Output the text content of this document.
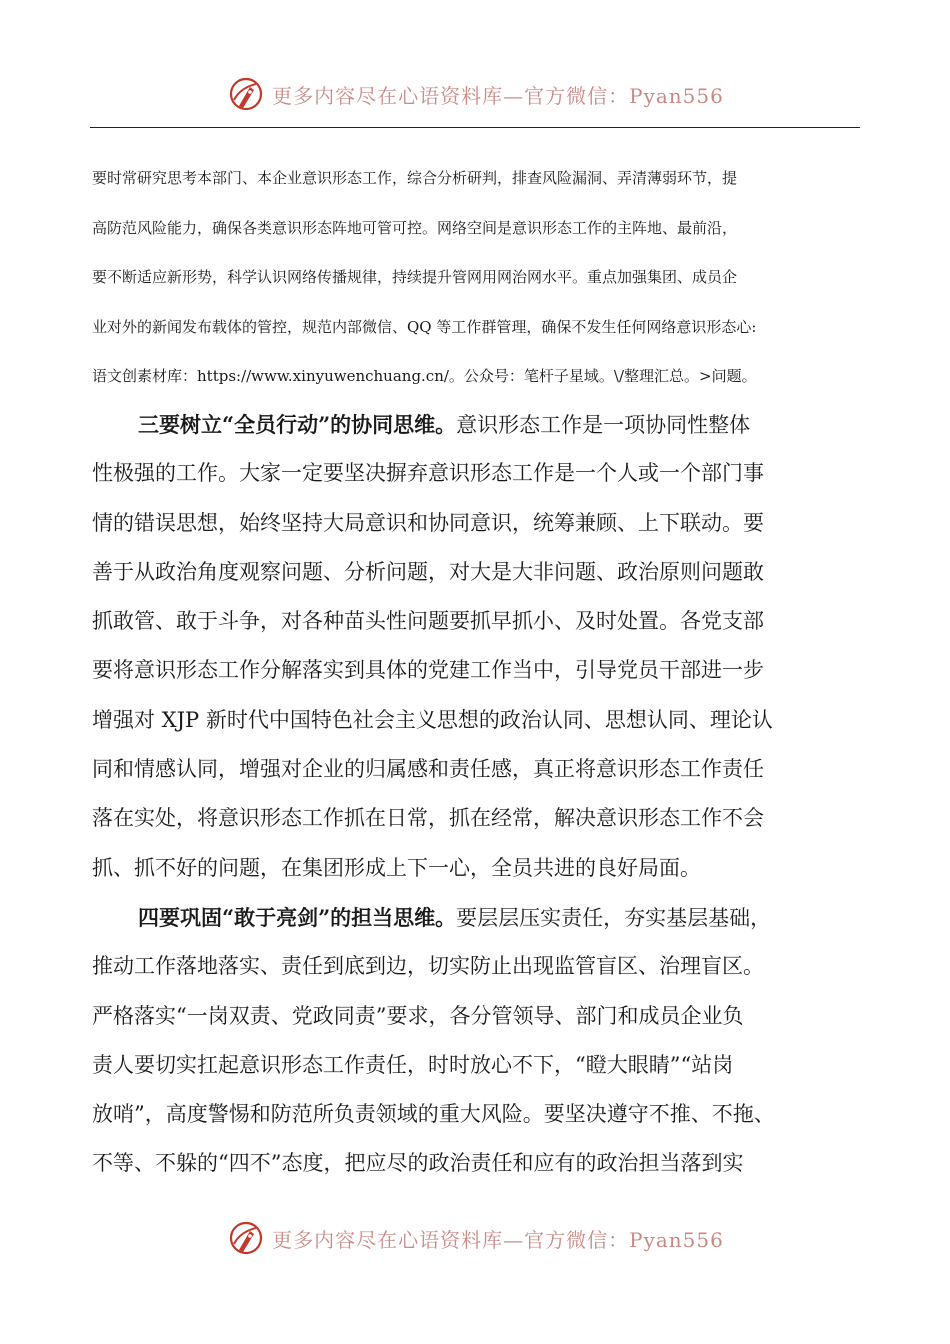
更多内容尽在心语资料库—官方微信：Pyan556
要时常研究思考本部门、本企业意识形态工作，综合分析研判，排查风险漏洞、弄清薄弱环节，提
高防范风险能力，确保各类意识形态阵地可管可控。网络空间是意识形态工作的主阵地、最前沿，
要不断适应新形势，科学认识网络传播规律，持续提升管网用网治网水平。重点加强集团、成员企
业对外的新闻发布载体的管控，规范内部微信、QQ 等工作群管理，确保不发生任何网络意识形态心:
语文创素材库：https://www.xinyuwenchuang.cn/。公众号：笔杆子星域。\/整理汇总。>问题。
三要树立“全员行动”的协同思维。意识形态工作是一项协同性整体
性极强的工作。大家一定要坚决摒弃意识形态工作是一个人或一个部门事
情的错误思想，始终坚持大局意识和协同意识，统筹兼顾、上下联动。要
善于从政治角度观察问题、分析问题，对大是大非问题、政治原则问题敢
抓敢管、敢于斗争，对各种苗头性问题要抓早抓小、及时处置。各党支部
要将意识形态工作分解落实到具体的党建工作当中，引导党员干部进一步
增强对 XJP 新时代中国特色社会主义思想的政治认同、思想认同、理论认
同和情感认同，增强对企业的归属感和责任感，真正将意识形态工作责任
落在实处，将意识形态工作抓在日常，抓在经常，解决意识形态工作不会
抓、抓不好的问题，在集团形成上下一心，全员共进的良好局面。
四要巩固“敢于亮剑”的担当思维。要层层压实责任，夯实基层基础，
推动工作落地落实、责任到底到边，切实防止出现监管盲区、治理盲区。
严格落实“一岗双责、党政同责”要求，各分管领导、部门和成员企业负
责人要切实扛起意识形态工作责任，时时放心不下，“瞪大眼睛”“站岗
放哨”，高度警惕和防范所负责领域的重大风险。要坚决遵守不推、不拖、
不等、不躲的“四不”态度，把应尽的政治责任和应有的政治担当落到实
更多内容尽在心语资料库—官方微信：Pyan556
